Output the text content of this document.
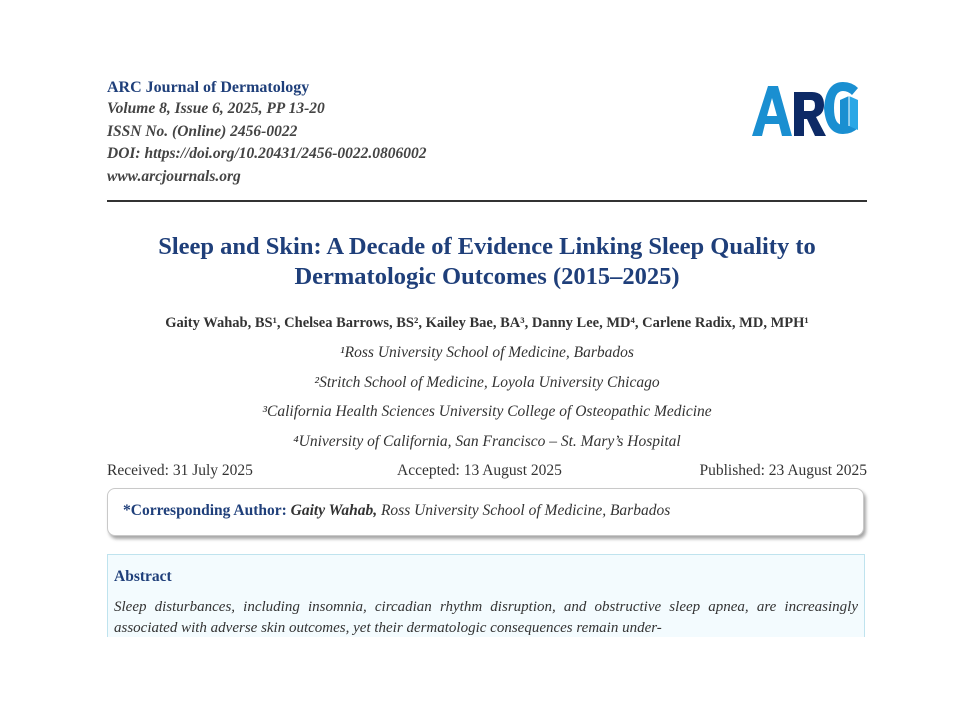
ARC Journal of Dermatology
Volume 8, Issue 6, 2025, PP 13-20
ISSN No. (Online) 2456-0022
DOI: https://doi.org/10.20431/2456-0022.0806002
www.arcjournals.org
ARC
Sleep and Skin: A Decade of Evidence Linking Sleep Quality to
Dermatologic Outcomes (2015–2025)
Gaity Wahab, BS¹, Chelsea Barrows, BS², Kailey Bae, BA³, Danny Lee, MD⁴, Carlene Radix, MD, MPH¹
¹Ross University School of Medicine, Barbados
²Stritch School of Medicine, Loyola University Chicago
³California Health Sciences University College of Osteopathic Medicine
⁴University of California, San Francisco – St. Mary’s Hospital
Received: 31 July 2025	Accepted: 13 August 2025	Published: 23 August 2025
*Corresponding Author: Gaity Wahab, Ross University School of Medicine, Barbados
Abstract
Sleep disturbances, including insomnia, circadian rhythm disruption, and obstructive sleep apnea, are increasingly associated with adverse skin outcomes, yet their dermatologic consequences remain under-
